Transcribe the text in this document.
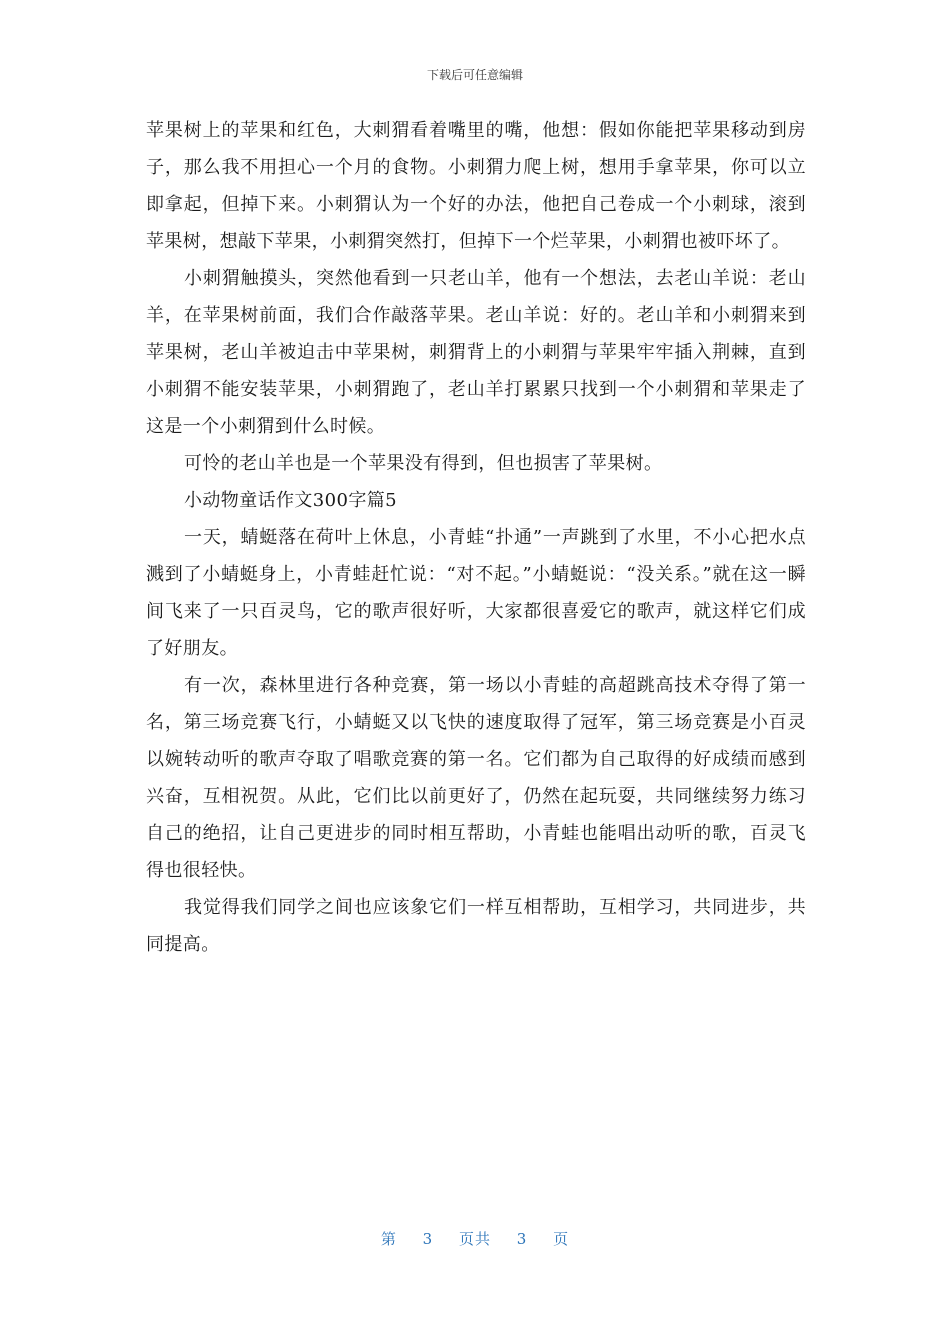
下载后可任意编辑

苹果树上的苹果和红色，大刺猬看着嘴里的嘴，他想：假如你能把苹果移动到房子，那么我不用担心一个月的食物。小刺猬力爬上树，想用手拿苹果，你可以立即拿起，但掉下来。小刺猬认为一个好的办法，他把自己卷成一个小刺球，滚到苹果树，想敲下苹果，小刺猬突然打，但掉下一个烂苹果，小刺猬也被吓坏了。

小刺猬触摸头，突然他看到一只老山羊，他有一个想法，去老山羊说：老山羊，在苹果树前面，我们合作敲落苹果。老山羊说：好的。老山羊和小刺猬来到苹果树，老山羊被迫击中苹果树，刺猬背上的小刺猬与苹果牢牢插入荆棘，直到小刺猬不能安装苹果，小刺猬跑了，老山羊打累累只找到一个小刺猬和苹果走了这是一个小刺猬到什么时候。

可怜的老山羊也是一个苹果没有得到，但也损害了苹果树。

小动物童话作文300字篇5

一天，蜻蜓落在荷叶上休息，小青蛙“扑通”一声跳到了水里，不小心把水点溅到了小蜻蜓身上，小青蛙赶忙说：“对不起。”小蜻蜓说：“没关系。”就在这一瞬间飞来了一只百灵鸟，它的歌声很好听，大家都很喜爱它的歌声，就这样它们成了好朋友。

有一次，森林里进行各种竞赛，第一场以小青蛙的高超跳高技术夺得了第一名，第三场竞赛飞行，小蜻蜓又以飞快的速度取得了冠军，第三场竞赛是小百灵以婉转动听的歌声夺取了唱歌竞赛的第一名。它们都为自己取得的好成绩而感到兴奋，互相祝贺。从此，它们比以前更好了，仍然在起玩耍，共同继续努力练习自己的绝招，让自己更进步的同时相互帮助，小青蛙也能唱出动听的歌，百灵飞得也很轻快。

我觉得我们同学之间也应该象它们一样互相帮助，互相学习，共同进步，共同提高。

第 3 页共 3 页
